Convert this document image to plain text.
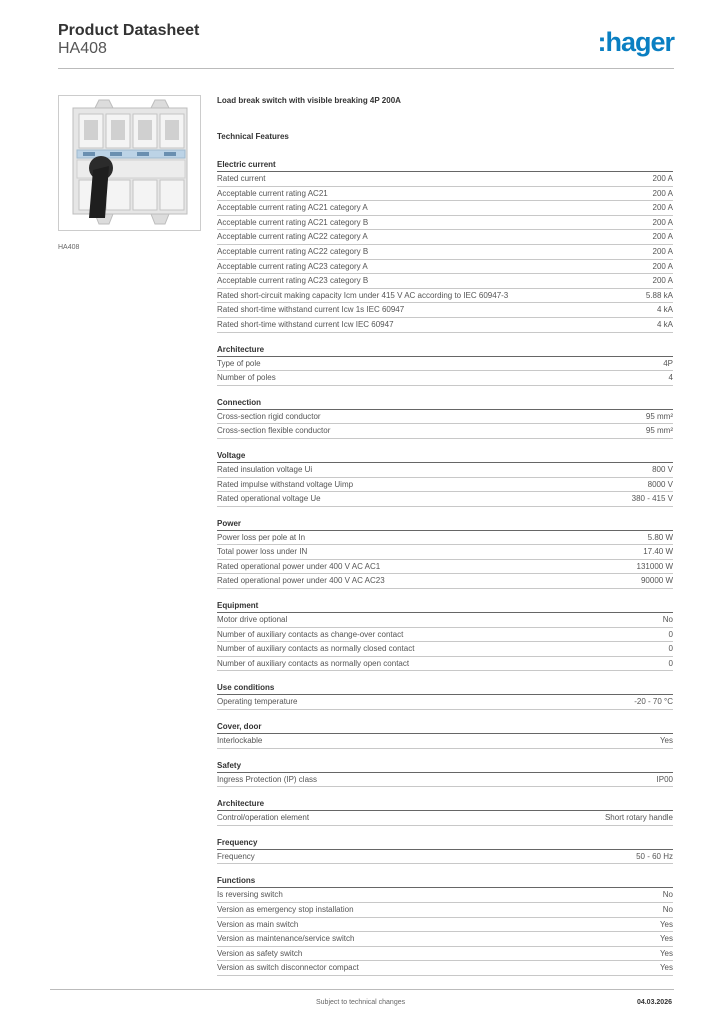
Product Datasheet
HA408	:hager
HA408
Load break switch with visible breaking 4P 200A
Technical Features
Electric current
Rated current	200 A
Acceptable current rating AC21	200 A
Acceptable current rating AC21 category A	200 A
Acceptable current rating AC21 category B	200 A
Acceptable current rating AC22 category A	200 A
Acceptable current rating AC22 category B	200 A
Acceptable current rating AC23 category A	200 A
Acceptable current rating AC23 category B	200 A
Rated short-circuit making capacity Icm under 415 V AC according to IEC 60947-3	5.88 kA
Rated short-time withstand current Icw 1s IEC 60947	4 kA
Rated short-time withstand current Icw IEC 60947	4 kA
Architecture
Type of pole	4P
Number of poles	4
Connection
Cross-section rigid conductor	95 mm²
Cross-section flexible conductor	95 mm²
Voltage
Rated insulation voltage Ui	800 V
Rated impulse withstand voltage Uimp	8000 V
Rated operational voltage Ue	380 - 415 V
Power
Power loss per pole at In	5.80 W
Total power loss under IN	17.40 W
Rated operational power under 400 V AC AC1	131000 W
Rated operational power under 400 V AC AC23	90000 W
Equipment
Motor drive optional	No
Number of auxiliary contacts as change-over contact	0
Number of auxiliary contacts as normally closed contact	0
Number of auxiliary contacts as normally open contact	0
Use conditions
Operating temperature	-20 - 70 °C
Cover, door
Interlockable	Yes
Safety
Ingress Protection (IP) class	IP00
Architecture
Control/operation element	Short rotary handle
Frequency
Frequency	50 - 60 Hz
Functions
Is reversing switch	No
Version as emergency stop installation	No
Version as main switch	Yes
Version as maintenance/service switch	Yes
Version as safety switch	Yes
Version as switch disconnector compact	Yes
Subject to technical changes	04.03.2026
